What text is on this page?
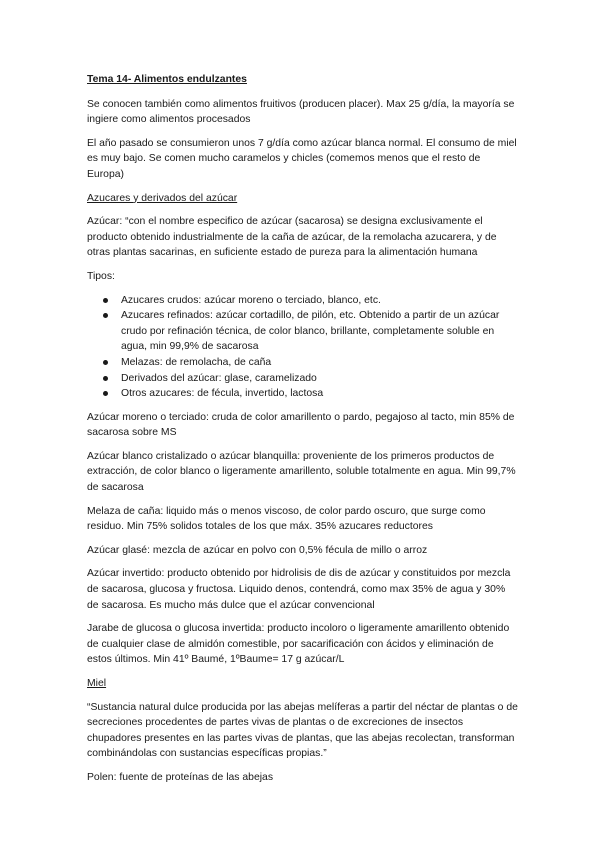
Tema 14- Alimentos endulzantes

Se conocen también como alimentos fruitivos (producen placer). Max 25 g/día, la mayoría se ingiere como alimentos procesados

El año pasado se consumieron unos 7 g/día como azúcar blanca normal. El consumo de miel es muy bajo. Se comen mucho caramelos y chicles (comemos menos que el resto de Europa)

Azucares y derivados del azúcar

Azúcar: “con el nombre especifico de azúcar (sacarosa) se designa exclusivamente el producto obtenido industrialmente de la caña de azúcar, de la remolacha azucarera, y de otras plantas sacarinas, en suficiente estado de pureza para la alimentación humana

Tipos:

Azucares crudos: azúcar moreno o terciado, blanco, etc.
Azucares refinados: azúcar cortadillo, de pilón, etc. Obtenido a partir de un azúcar crudo por refinación técnica, de color blanco, brillante, completamente soluble en agua, min 99,9% de sacarosa
Melazas: de remolacha, de caña
Derivados del azúcar: glase, caramelizado
Otros azucares: de fécula, invertido, lactosa

Azúcar moreno o terciado: cruda de color amarillento o pardo, pegajoso al tacto, min 85% de sacarosa sobre MS

Azúcar blanco cristalizado o azúcar blanquilla: proveniente de los primeros productos de extracción, de color blanco o ligeramente amarillento, soluble totalmente en agua. Min 99,7% de sacarosa

Melaza de caña: liquido más o menos viscoso, de color pardo oscuro, que surge como residuo. Min 75% solidos totales de los que máx. 35% azucares reductores

Azúcar glasé: mezcla de azúcar en polvo con 0,5% fécula de millo o arroz

Azúcar invertido: producto obtenido por hidrolisis de dis de azúcar y constituidos por mezcla de sacarosa, glucosa y fructosa. Liquido denos, contendrá, como max 35% de agua y 30% de sacarosa. Es mucho más dulce que el azúcar convencional

Jarabe de glucosa o glucosa invertida: producto incoloro o ligeramente amarillento obtenido de cualquier clase de almidón comestible, por sacarificación con ácidos y eliminación de estos últimos. Min 41º Baumé, 1ºBaume= 17 g azúcar/L

Miel

“Sustancia natural dulce producida por las abejas melíferas a partir del néctar de plantas o de secreciones procedentes de partes vivas de plantas o de excreciones de insectos chupadores presentes en las partes vivas de plantas, que las abejas recolectan, transforman combinándolas con sustancias específicas propias.”

Polen: fuente de proteínas de las abejas
